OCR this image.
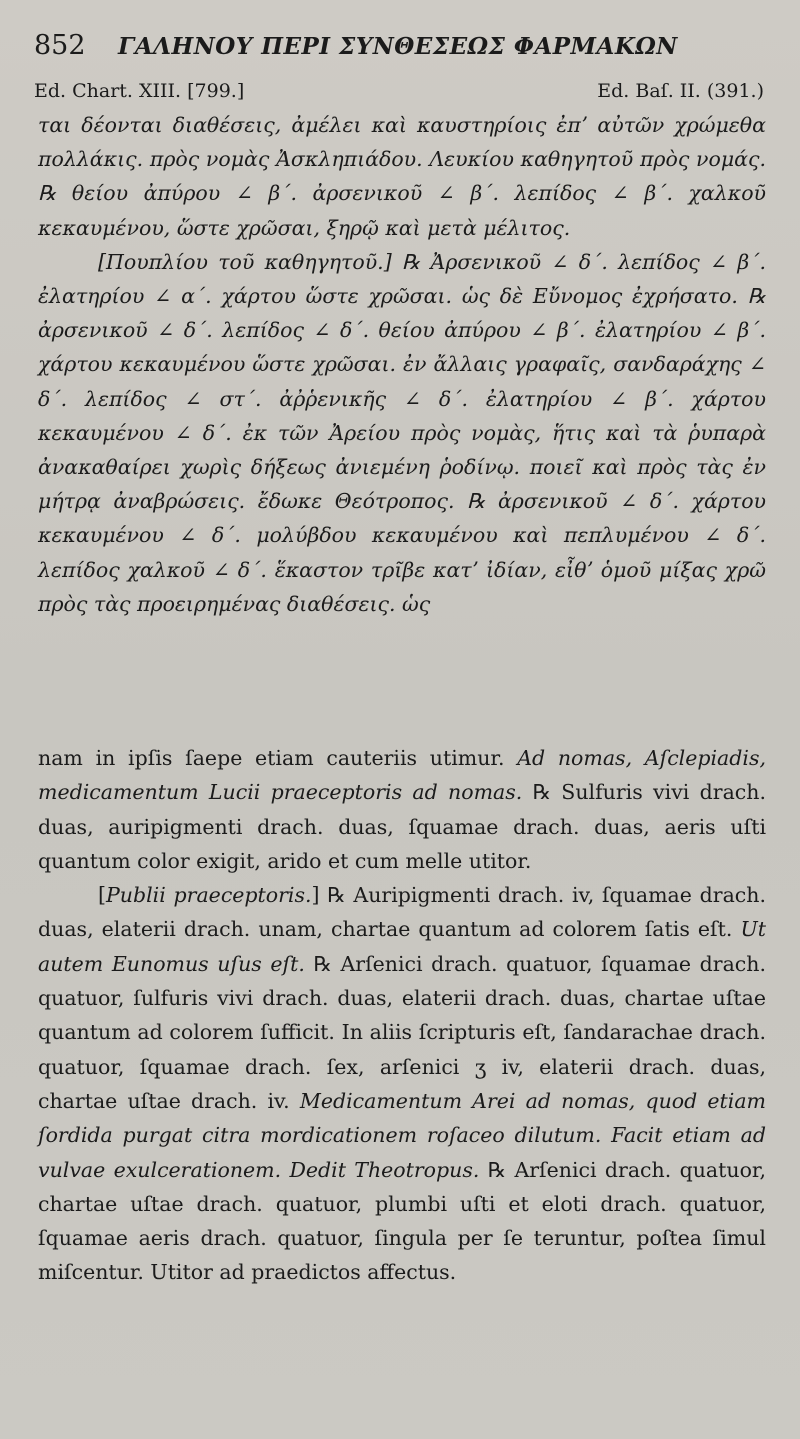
852 ΓΑΛΗΝΟΥ ΠΕΡΙ ΣΥΝΘΕΣΕΩΣ ΦΑΡΜΑΚΩΝ
Ed. Chart. XIII. [799.]	Ed. Baſ. II. (391.)

ται δέονται διαθέσεις, ἀμέλει καὶ καυστηρίοις ἐπʼ αὐτῶν χρώμεθα πολλάκις. πρὸς νομὰς Ἀσκληπιάδου. Λευκίου καθηγητοῦ πρὸς νομάς. ℞ θείου ἀπύρου ∠ β΄. ἀρσενικοῦ ∠ β΄. λεπίδος ∠ β΄. χαλκοῦ κεκαυμένου, ὥστε χρῶσαι, ξηρῷ καὶ μετὰ μέλιτος.

[Πουπλίου τοῦ καθηγητοῦ.] ℞ Ἀρσενικοῦ ∠ δ΄. λεπίδος ∠ β΄. ἐλατηρίου ∠ α΄. χάρτου ὥστε χρῶσαι. ὡς δὲ Εὔνομος ἐχρήσατο. ℞ ἀρσενικοῦ ∠ δ΄. λεπίδος ∠ δ΄. θείου ἀπύρου ∠ β΄. ἐλατηρίου ∠ β΄. χάρτου κεκαυμένου ὥστε χρῶσαι. ἐν ἄλλαις γραφαῖς, σανδαράχης ∠ δ΄. λεπίδος ∠ στ΄. ἀῤῥενικῆς ∠ δ΄. ἐλατηρίου ∠ β΄. χάρτου κεκαυμένου ∠ δ΄. ἐκ τῶν Ἀρείου πρὸς νομὰς, ἥτις καὶ τὰ ῥυπαρὰ ἀνακαθαίρει χωρὶς δήξεως ἀνιεμένη ῥοδίνῳ. ποιεῖ καὶ πρὸς τὰς ἐν μήτρᾳ ἀναβρώσεις. ἔδωκε Θεότροπος. ℞ ἀρσενικοῦ ∠ δ΄. χάρτου κεκαυμένου ∠ δ΄. μολύβδου κεκαυμένου καὶ πεπλυμένου ∠ δ΄. λεπίδος χαλκοῦ ∠ δ΄. ἕκαστον τρῖβε κατʼ ἰδίαν, εἶθʼ ὁμοῦ μίξας χρῶ πρὸς τὰς προειρημένας διαθέσεις. ὡς

nam in ipſis ſaepe etiam cauteriis utimur. Ad nomas, Aſclepiadis, medicamentum Lucii praeceptoris ad nomas. ℞ Sulfuris vivi drach. duas, auripigmenti drach. duas, ſquamae drach. duas, aeris uſti quantum color exigit, arido et cum melle utitor.

[Publii praeceptoris.] ℞ Auripigmenti drach. iv, ſquamae drach. duas, elaterii drach. unam, chartae quantum ad colorem ſatis eſt. Ut autem Eunomus uſus eſt. ℞ Arſenici drach. quatuor, ſquamae drach. quatuor, ſulfuris vivi drach. duas, elaterii drach. duas, chartae uſtae quantum ad colorem ſufficit. In aliis ſcripturis eſt, ſandarachae drach. quatuor, ſquamae drach. ſex, arſenici ʒ iv, elaterii drach. duas, chartae uſtae drach. iv. Medicamentum Arei ad nomas, quod etiam ſordida purgat citra mordicationem roſaceo dilutum. Facit etiam ad vulvae exulcerationem. Dedit Theotropus. ℞ Arſenici drach. quatuor, chartae uſtae drach. quatuor, plumbi uſti et eloti drach. quatuor, ſquamae aeris drach. quatuor, ſingula per ſe teruntur, poſtea ſimul miſcentur. Utitor ad praedictos affectus.
